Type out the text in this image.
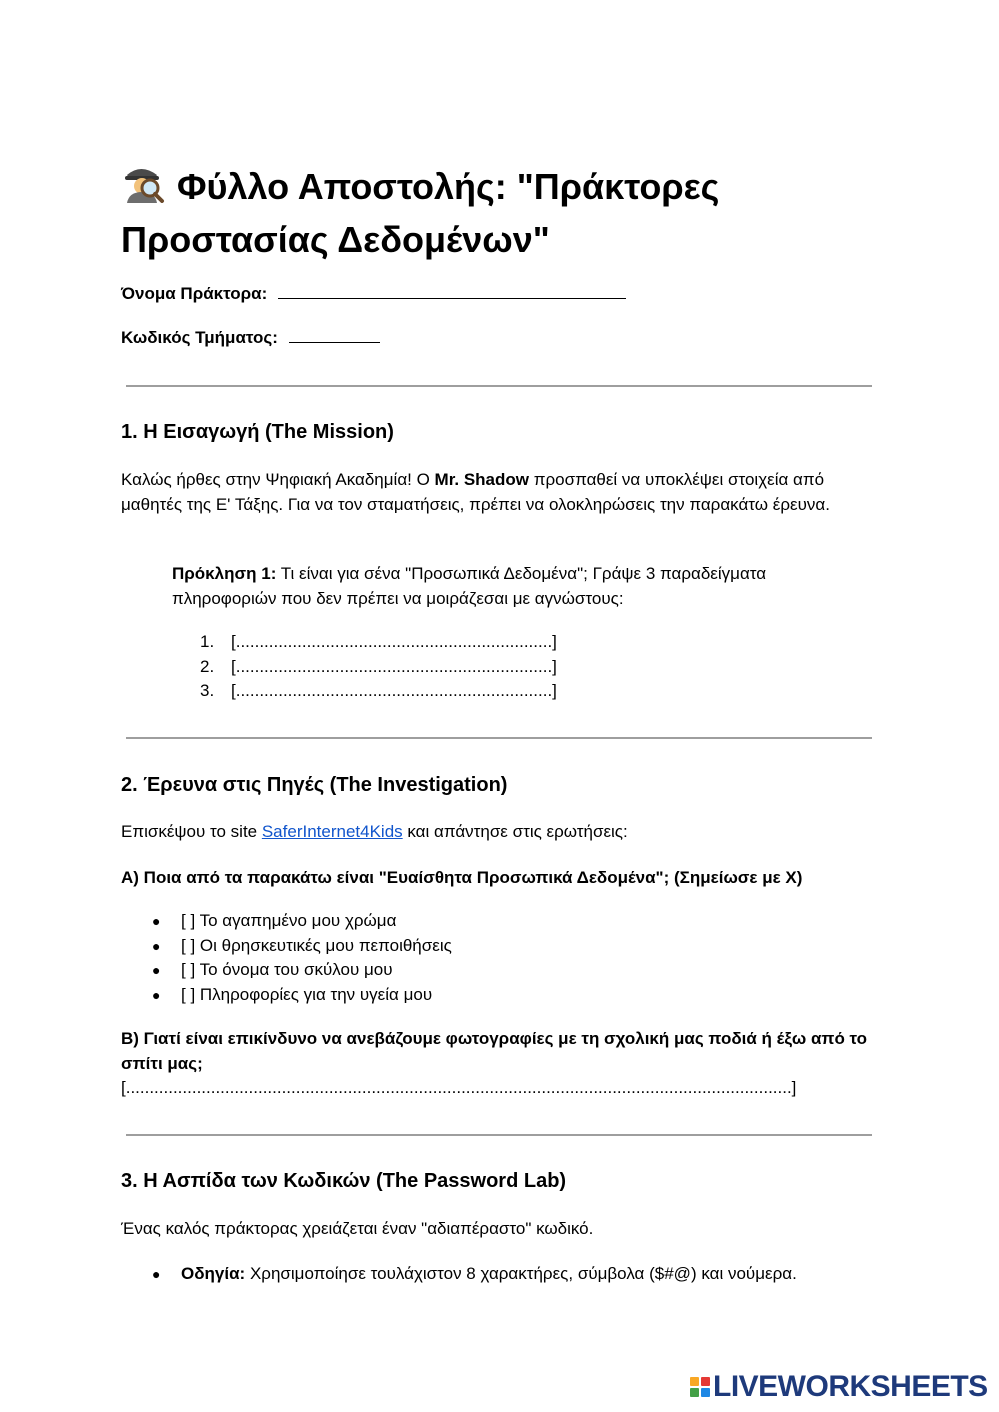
Φύλλο Αποστολής: "Πράκτορες Προστασίας Δεδομένων"
Όνομα Πράκτορα:
Κωδικός Τμήματος:
1. Η Εισαγωγή (The Mission)
Καλώς ήρθες στην Ψηφιακή Ακαδημία! Ο Mr. Shadow προσπαθεί να υποκλέψει στοιχεία από μαθητές της Ε' Τάξης. Για να τον σταματήσεις, πρέπει να ολοκληρώσεις την παρακάτω έρευνα.
Πρόκληση 1: Τι είναι για σένα "Προσωπικά Δεδομένα"; Γράψε 3 παραδείγματα πληροφοριών που δεν πρέπει να μοιράζεσαι με αγνώστους:
1. [...................................................................]
2. [...................................................................]
3. [...................................................................]
2. Έρευνα στις Πηγές (The Investigation)
Επισκέψου το site SaferInternet4Kids και απάντησε στις ερωτήσεις:
Α) Ποια από τα παρακάτω είναι "Ευαίσθητα Προσωπικά Δεδομένα"; (Σημείωσε με Χ)
● [ ] Το αγαπημένο μου χρώμα
● [ ] Οι θρησκευτικές μου πεποιθήσεις
● [ ] Το όνομα του σκύλου μου
● [ ] Πληροφορίες για την υγεία μου
Β) Γιατί είναι επικίνδυνο να ανεβάζουμε φωτογραφίες με τη σχολική μας ποδιά ή έξω από το σπίτι μας;
[.............................................................................................................................................]
3. Η Ασπίδα των Κωδικών (The Password Lab)
Ένας καλός πράκτορας χρειάζεται έναν "αδιαπέραστο" κωδικό.
● Οδηγία: Χρησιμοποίησε τουλάχιστον 8 χαρακτήρες, σύμβολα ($#@) και νούμερα.
LIVEWORKSHEETS
